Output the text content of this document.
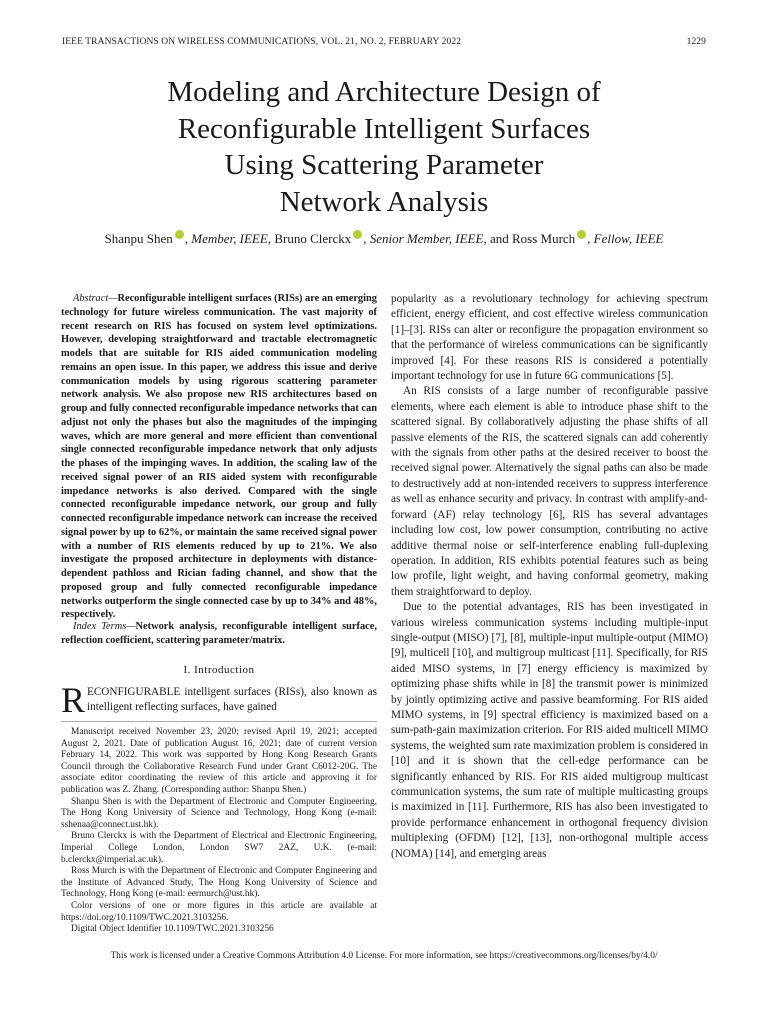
IEEE TRANSACTIONS ON WIRELESS COMMUNICATIONS, VOL. 21, NO. 2, FEBRUARY 2022	1229
Modeling and Architecture Design of
Reconfigurable Intelligent Surfaces
Using Scattering Parameter
Network Analysis
Shanpu Shen , Member, IEEE, Bruno Clerckx , Senior Member, IEEE, and Ross Murch , Fellow, IEEE

Abstract—Reconfigurable intelligent surfaces (RISs) are an emerging technology for future wireless communication. The vast majority of recent research on RIS has focused on system level optimizations. However, developing straightforward and tractable electromagnetic models that are suitable for RIS aided communication modeling remains an open issue. In this paper, we address this issue and derive communication models by using rigorous scattering parameter network analysis. We also propose new RIS architectures based on group and fully connected reconfigurable impedance networks that can adjust not only the phases but also the magnitudes of the impinging waves, which are more general and more efficient than conventional single connected reconfigurable impedance network that only adjusts the phases of the impinging waves. In addition, the scaling law of the received signal power of an RIS aided system with reconfigurable impedance networks is also derived. Compared with the single connected reconfigurable impedance network, our group and fully connected reconfigurable impedance network can increase the received signal power by up to 62%, or maintain the same received signal power with a number of RIS elements reduced by up to 21%. We also investigate the proposed architecture in deployments with distance-dependent pathloss and Rician fading channel, and show that the proposed group and fully connected reconfigurable impedance networks outperform the single connected case by up to 34% and 48%, respectively.

Index Terms—Network analysis, reconfigurable intelligent surface, reflection coefficient, scattering parameter/matrix.
I. Introduction
RECONFIGURABLE intelligent surfaces (RISs), also known as intelligent reflecting surfaces, have gained

Manuscript received November 23, 2020; revised April 19, 2021; accepted August 2, 2021. Date of publication August 16, 2021; date of current version February 14, 2022. This work was supported by Hong Kong Research Grants Council through the Collaborative Research Fund under Grant C6012-20G. The associate editor coordinating the review of this article and approving it for publication was Z. Zhang. (Corresponding author: Shanpu Shen.)

Shanpu Shen is with the Department of Electronic and Computer Engineering, The Hong Kong University of Science and Technology, Hong Kong (e-mail: sshenaa@connect.ust.hk).

Bruno Clerckx is with the Department of Electrical and Electronic Engineering, Imperial College London, London SW7 2AZ, U.K. (e-mail: b.clerckx@imperial.ac.uk).

Ross Murch is with the Department of Electronic and Computer Engineering and the Institute of Advanced Study, The Hong Kong University of Science and Technology, Hong Kong (e-mail: eermurch@ust.hk).

Color versions of one or more figures in this article are available at https://doi.org/10.1109/TWC.2021.3103256.

Digital Object Identifier 10.1109/TWC.2021.3103256

popularity as a revolutionary technology for achieving spectrum efficient, energy efficient, and cost effective wireless communication [1]–[3]. RISs can alter or reconfigure the propagation environment so that the performance of wireless communications can be significantly improved [4]. For these reasons RIS is considered a potentially important technology for use in future 6G communications [5].

An RIS consists of a large number of reconfigurable passive elements, where each element is able to introduce phase shift to the scattered signal. By collaboratively adjusting the phase shifts of all passive elements of the RIS, the scattered signals can add coherently with the signals from other paths at the desired receiver to boost the received signal power. Alternatively the signal paths can also be made to destructively add at non-intended receivers to suppress interference as well as enhance security and privacy. In contrast with amplify-and-forward (AF) relay technology [6], RIS has several advantages including low cost, low power consumption, contributing no active additive thermal noise or self-interference enabling full-duplexing operation. In addition, RIS exhibits potential features such as being low profile, light weight, and having conformal geometry, making them straightforward to deploy.

Due to the potential advantages, RIS has been investigated in various wireless communication systems including multiple-input single-output (MISO) [7], [8], multiple-input multiple-output (MIMO) [9], multicell [10], and multigroup multicast [11]. Specifically, for RIS aided MISO systems, in [7] energy efficiency is maximized by optimizing phase shifts while in [8] the transmit power is minimized by jointly optimizing active and passive beamforming. For RIS aided MIMO systems, in [9] spectral efficiency is maximized based on a sum-path-gain maximization criterion. For RIS aided multicell MIMO systems, the weighted sum rate maximization problem is considered in [10] and it is shown that the cell-edge performance can be significantly enhanced by RIS. For RIS aided multigroup multicast communication systems, the sum rate of multiple multicasting groups is maximized in [11]. Furthermore, RIS has also been investigated to provide performance enhancement in orthogonal frequency division multiplexing (OFDM) [12], [13], non-orthogonal multiple access (NOMA) [14], and emerging areas

This work is licensed under a Creative Commons Attribution 4.0 License. For more information, see https://creativecommons.org/licenses/by/4.0/
